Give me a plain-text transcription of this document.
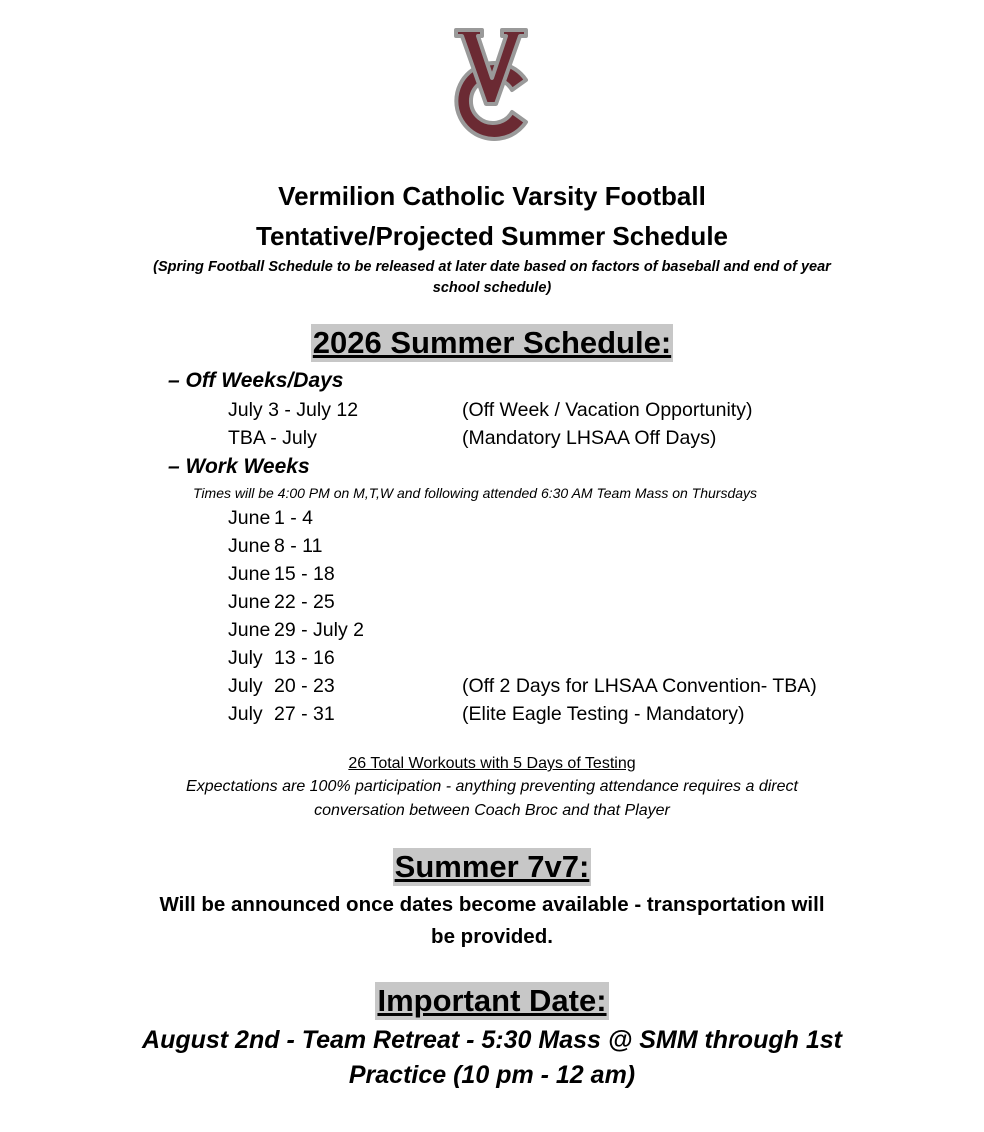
Vermilion Catholic Varsity Football
Tentative/Projected Summer Schedule
(Spring Football Schedule to be released at later date based on factors of baseball and end of year
school schedule)
2026 Summer Schedule:
– Off Weeks/Days
July 3 - July 12	(Off Week / Vacation Opportunity)
TBA - July	(Mandatory LHSAA Off Days)
– Work Weeks
Times will be 4:00 PM on M,T,W and following attended 6:30 AM Team Mass on Thursdays
June 1 - 4
June 8 - 11
June 15 - 18
June 22 - 25
June 29 - July 2
July 13 - 16
July 20 - 23	(Off 2 Days for LHSAA Convention- TBA)
July 27 - 31	(Elite Eagle Testing - Mandatory)
26 Total Workouts with 5 Days of Testing
Expectations are 100% participation - anything preventing attendance requires a direct
conversation between Coach Broc and that Player
Summer 7v7:
Will be announced once dates become available - transportation will
be provided.
Important Date:
August 2nd - Team Retreat - 5:30 Mass @ SMM through 1st
Practice (10 pm - 12 am)
